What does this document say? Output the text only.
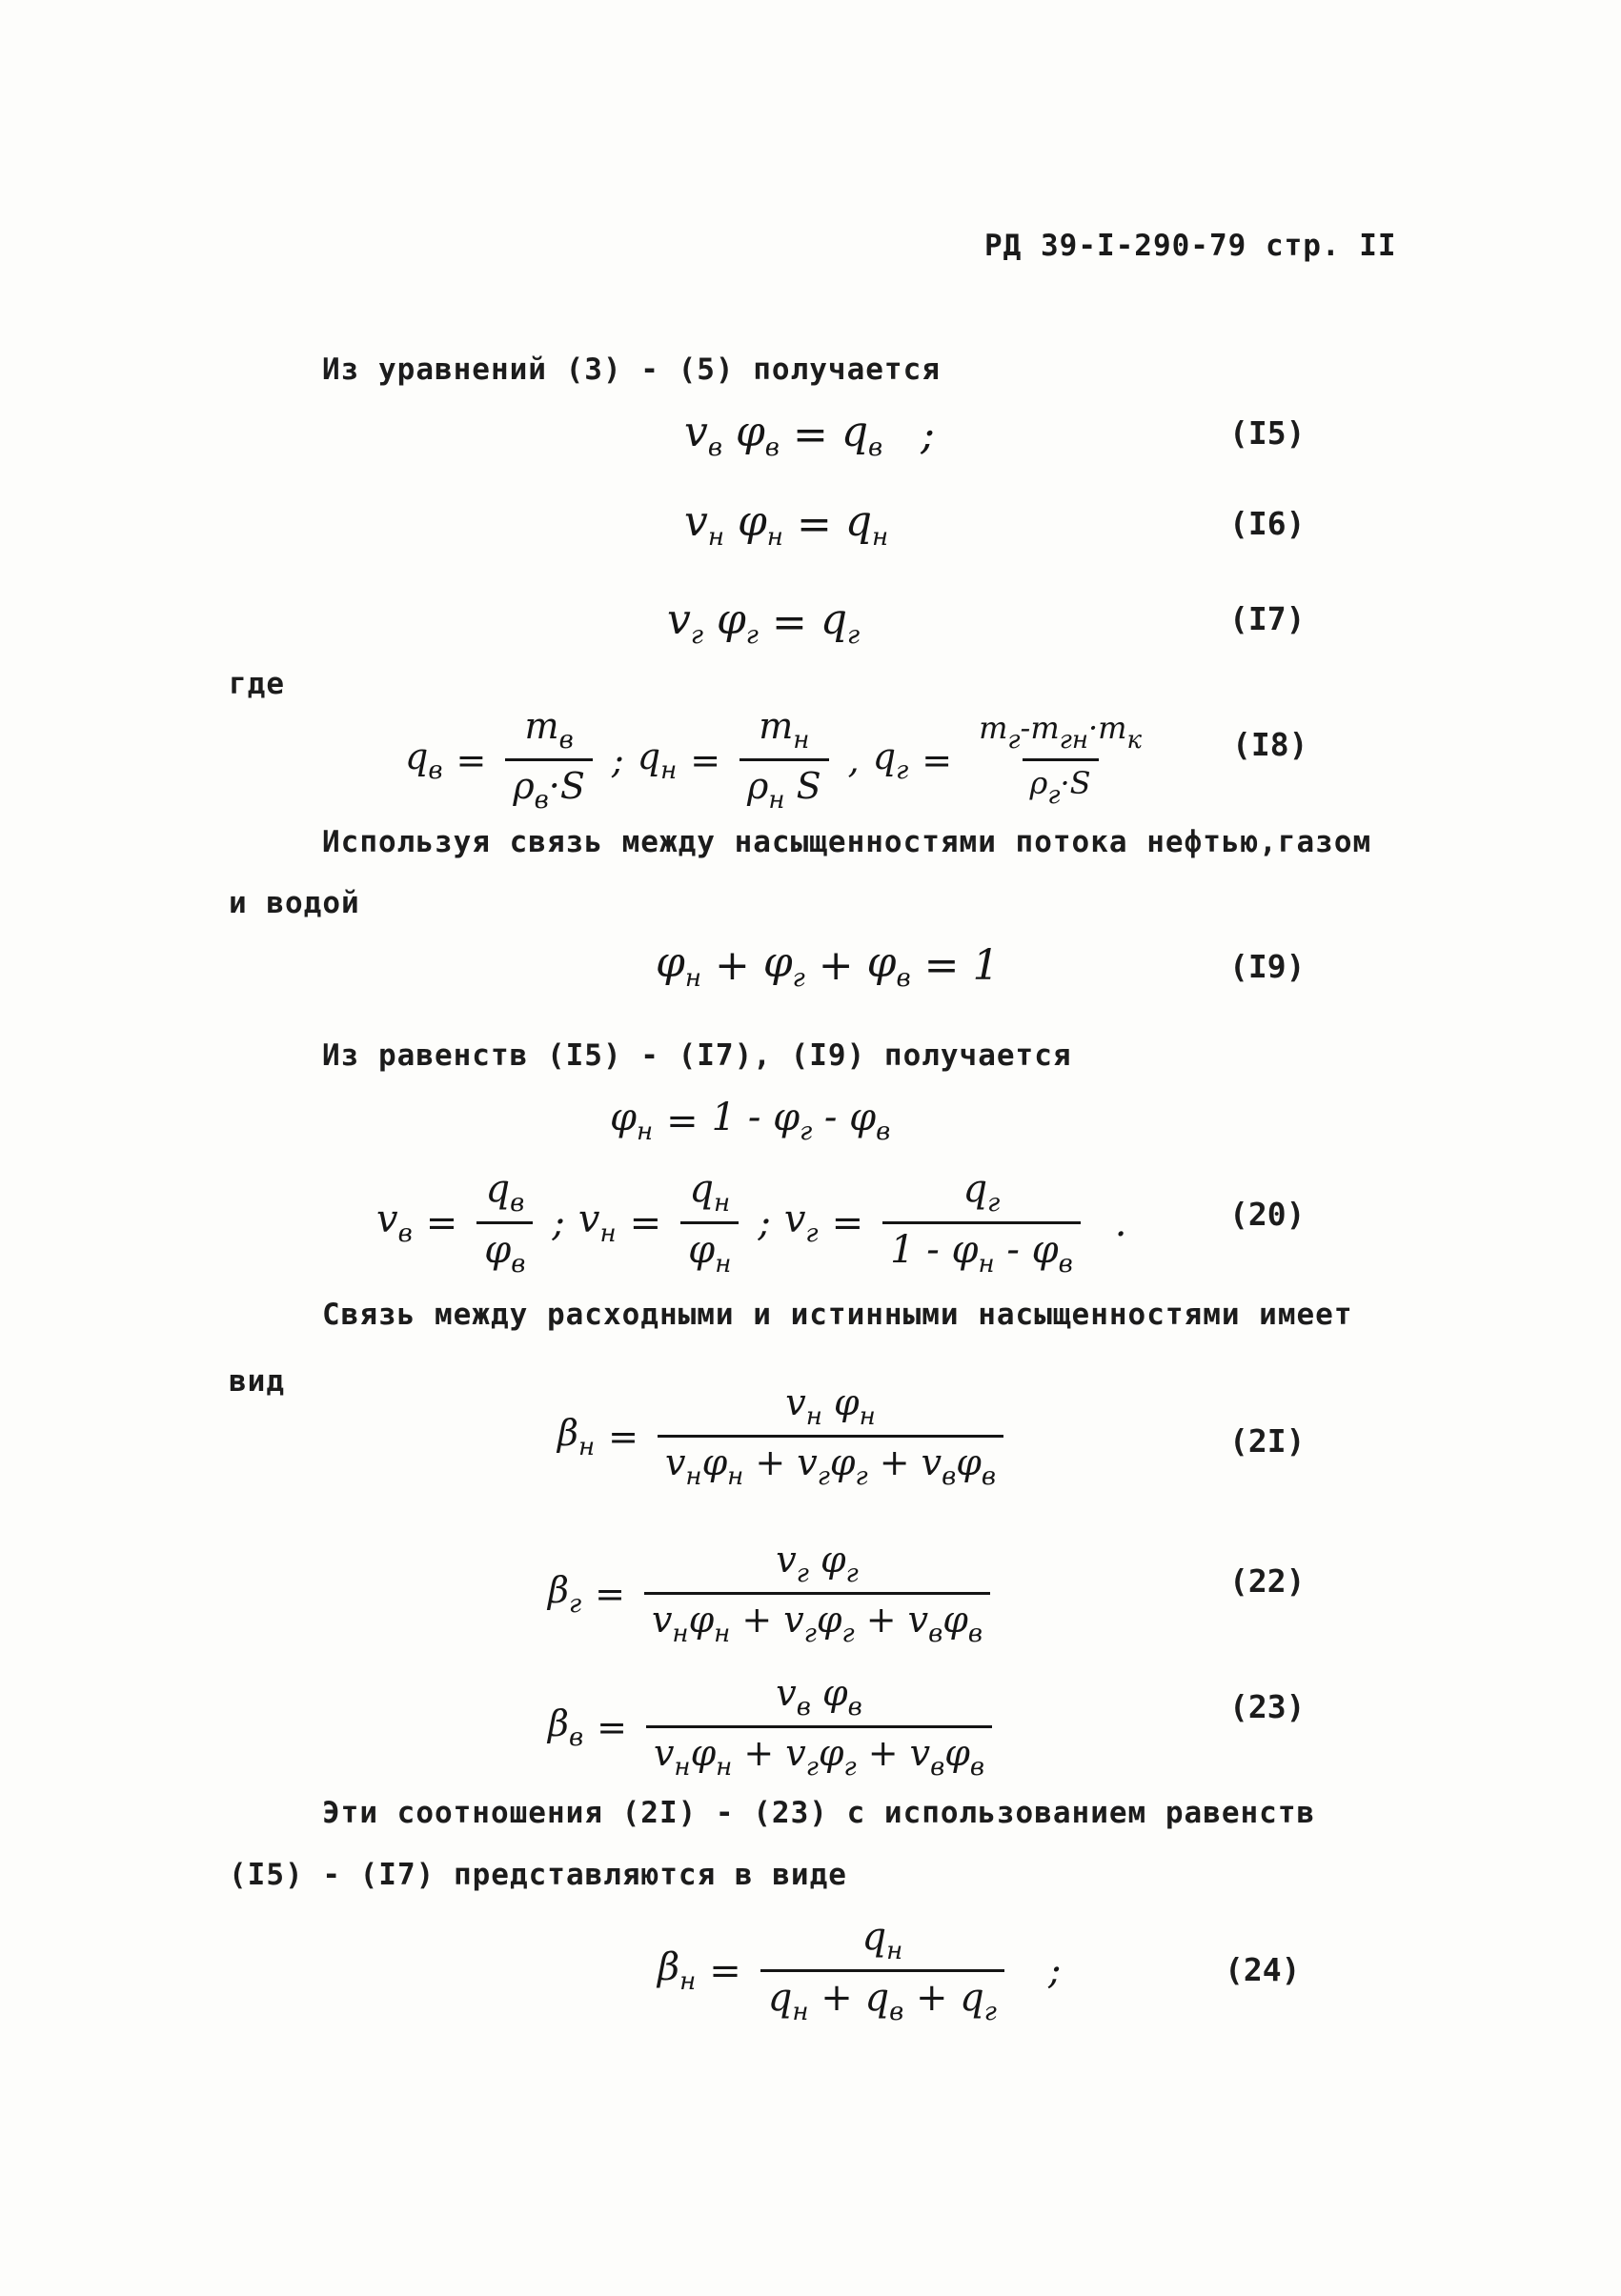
РД 39-I-290-79 стр. II
Из уравнений (3) - (5) получается
$v_в$ $\varphi_в = q_в$ ;	(I5)
$v_н$ $\varphi_н = q_н$	(I6)
$v_г$ $\varphi_г = q_г$	(I7)
где
$q_в = \frac{m_в}{\rho_в\cdot S}$ ; $q_н = \frac{m_н}{\rho_н S}$ , $q_г = \frac{m_г-m_{гн}\cdot m_к}{\rho_г\cdot S}$	(I8)
Используя связь между насыщенностями потока нефтью,газом
и водой
$\varphi_н + \varphi_г + \varphi_в = 1$	(I9)
Из равенств (I5) - (I7), (I9) получается
$\varphi_н = 1 - \varphi_г - \varphi_в$
$v_в = \frac{q_в}{\varphi_в}$ ; $v_н = \frac{q_н}{\varphi_н}$ ; $v_г = \frac{q_г}{1 - \varphi_н - \varphi_в}$ .	(20)
Связь между расходными и истинными насыщенностями имеет
вид
$\beta_н = \frac{v_н \varphi_н}{v_н\varphi_н + v_г\varphi_г + v_в\varphi_в}$	(2I)
$\beta_г = \frac{v_г \varphi_г}{v_н\varphi_н + v_г\varphi_г + v_в\varphi_в}$	(22)
$\beta_в = \frac{v_в \varphi_в}{v_н\varphi_н + v_г\varphi_г + v_в\varphi_в}$	(23)
Эти соотношения (2I) - (23) с использованием равенств
(I5) - (I7) представляются в виде
$\beta_н = \frac{q_н}{q_н + q_в + q_г}$ ;	(24)
